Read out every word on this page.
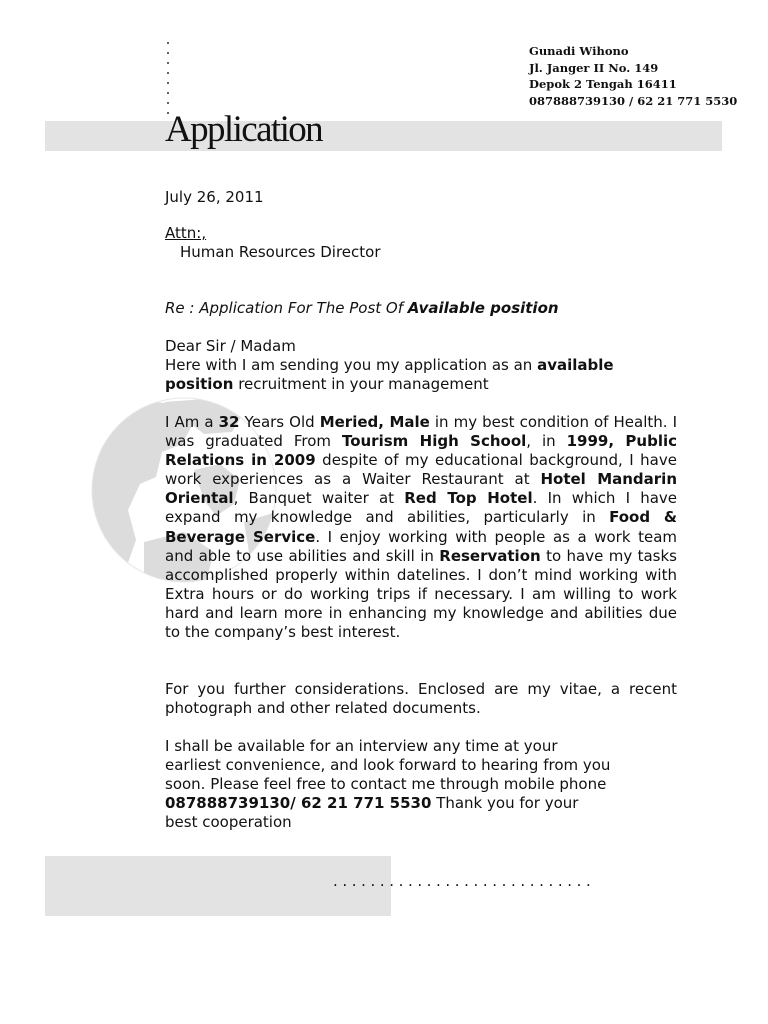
Gunadi Wihono
Jl. Janger II No. 149
Depok 2 Tengah 16411
087888739130 / 62 21 771 5530
Application
July 26, 2011
Attn:,
Human Resources Director
Re : Application For The Post Of Available position
Dear Sir / Madam
Here with I am sending you my application as an available
position recruitment in your management
I Am a 32 Years Old Meried, Male in my best condition of Health. I was graduated From Tourism High School, in 1999, Public Relations in 2009 despite of my educational background, I have work experiences as a Waiter Restaurant at Hotel Mandarin Oriental, Banquet waiter at Red Top Hotel. In which I have expand my knowledge and abilities, particularly in Food & Beverage Service. I enjoy working with people as a work team and able to use abilities and skill in Reservation to have my tasks accomplished properly within datelines. I don’t mind working with Extra hours or do working trips if necessary. I am willing to work hard and learn more in enhancing my knowledge and abilities due to the company’s best interest.
For you further considerations. Enclosed are my vitae, a recent photograph and other related documents.
I shall be available for an interview any time at your
earliest convenience, and look forward to hearing from you
soon. Please feel free to contact me through mobile phone
087888739130/ 62 21 771 5530 Thank you for your
best cooperation
............................
